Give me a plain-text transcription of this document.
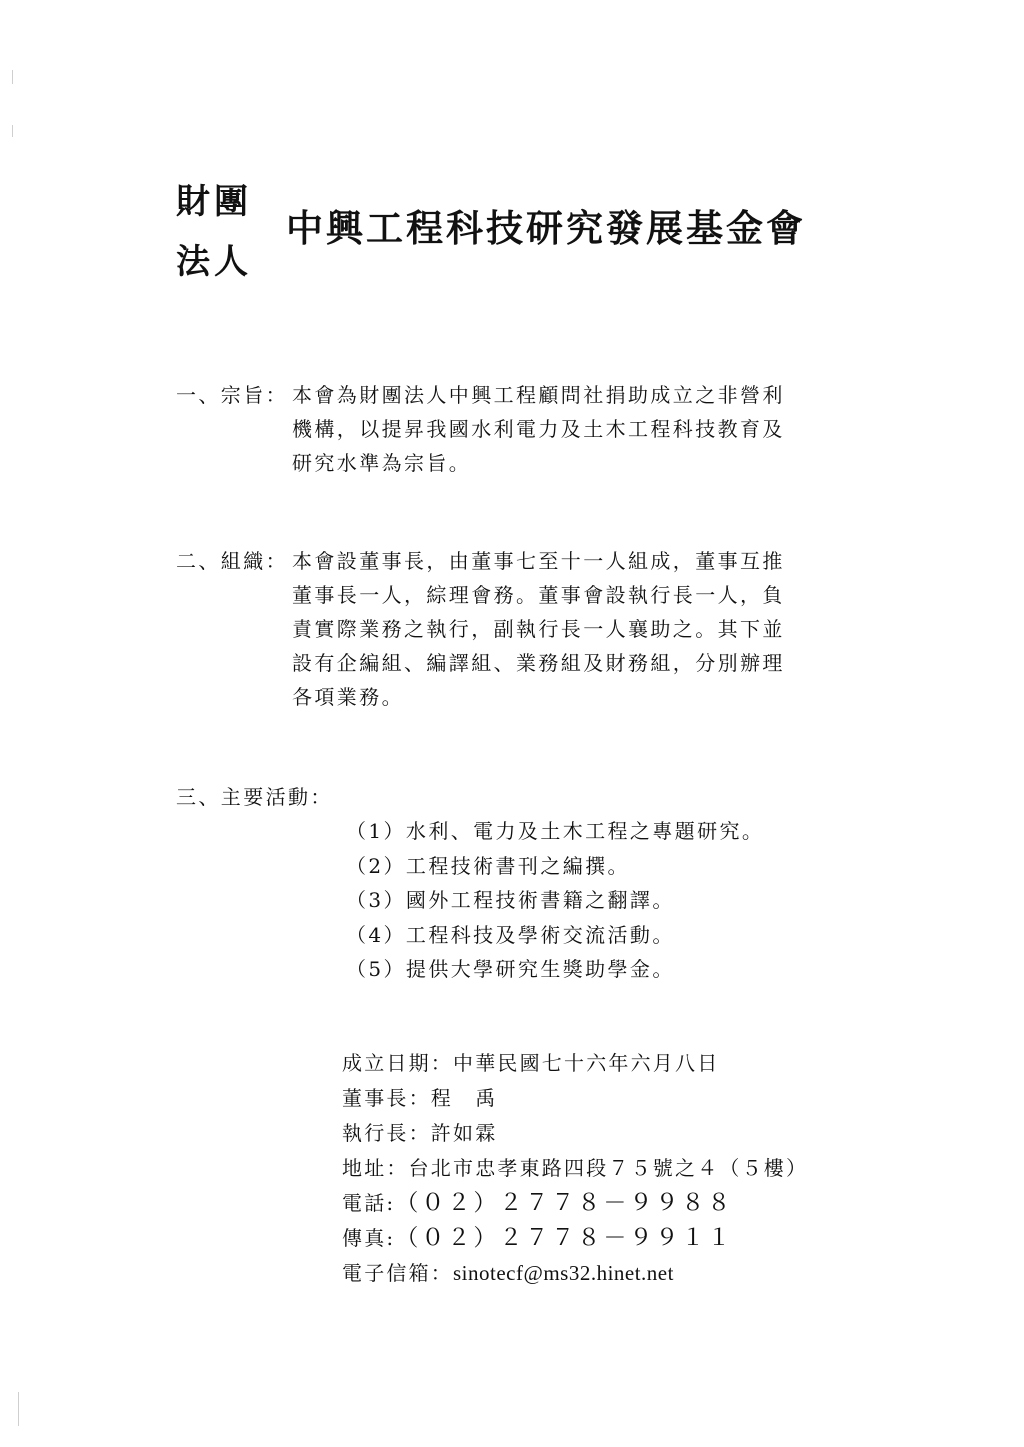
財團
法人
中興工程科技研究發展基金會
一、宗旨： 本會為財團法人中興工程顧問社捐助成立之非營利
機構，以提昇我國水利電力及土木工程科技教育及
研究水準為宗旨。
二、組織： 本會設董事長，由董事七至十一人組成，董事互推
董事長一人，綜理會務。董事會設執行長一人，負
責實際業務之執行，副執行長一人襄助之。其下並
設有企編組、編譯組、業務組及財務組，分別辦理
各項業務。
三、主要活動：
（1）水利、電力及土木工程之專題研究。
（2）工程技術書刊之編撰。
（3）國外工程技術書籍之翻譯。
（4）工程科技及學術交流活動。
（5）提供大學研究生獎助學金。
成立日期：中華民國七十六年六月八日
董事長：程　禹
執行長：許如霖
地址：台北市忠孝東路四段７５號之４（５樓）
電話:（０２）２７７８－９９８８
傳真:（０２）２７７８－９９１１
電子信箱：sinotecf@ms32.hinet.net
